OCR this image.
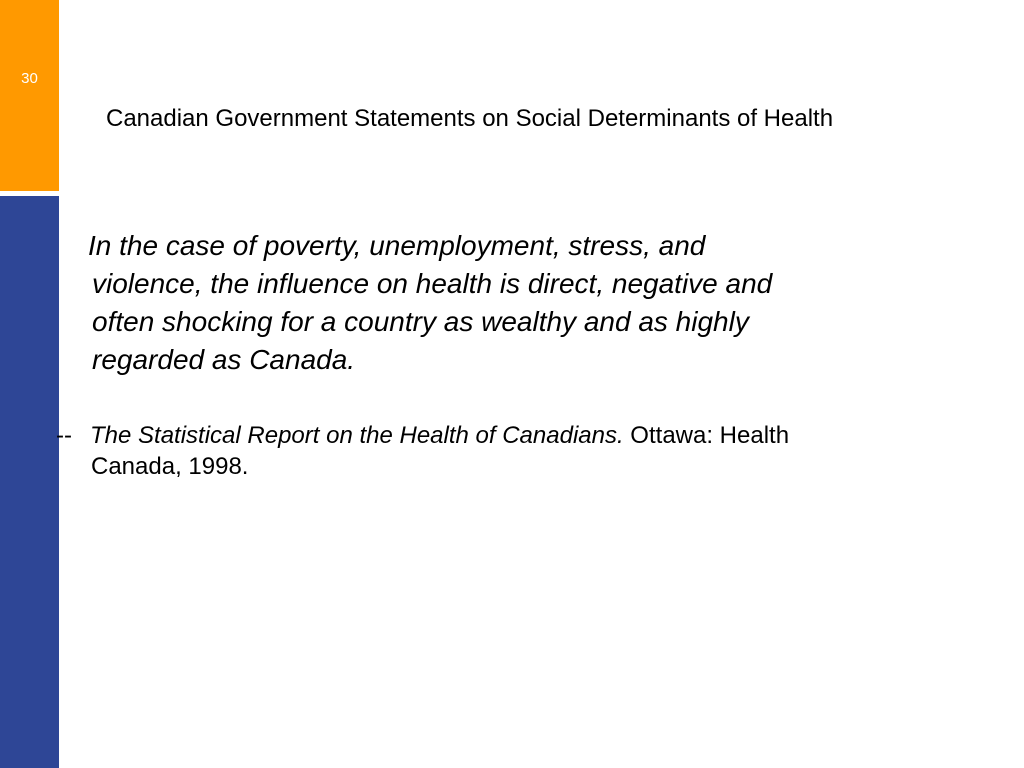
30
Canadian Government Statements on Social Determinants of Health

In the case of poverty, unemployment, stress, and

violence, the influence on health is direct, negative and

often shocking for a country as wealthy and as highly

regarded as Canada.

-- The Statistical Report on the Health of Canadians. Ottawa: Health
Canada, 1998.
